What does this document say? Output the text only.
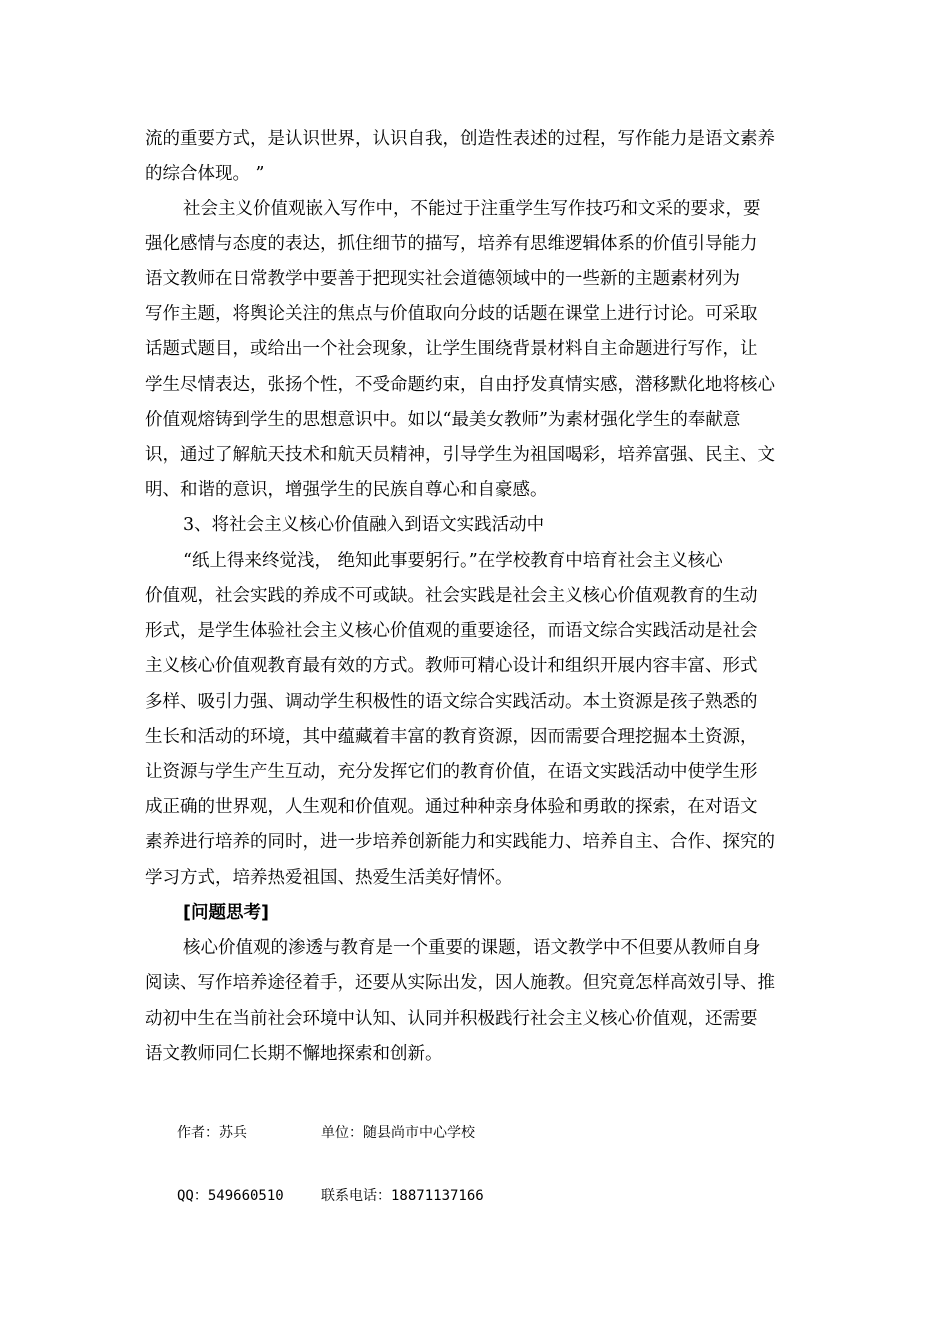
流的重要方式，是认识世界，认识自我，创造性表述的过程，写作能力是语文素养
的综合体现。 ”
社会主义价值观嵌入写作中，不能过于注重学生写作技巧和文采的要求，要
强化感情与态度的表达，抓住细节的描写，培养有思维逻辑体系的价值引导能力
语文教师在日常教学中要善于把现实社会道德领域中的一些新的主题素材列为
写作主题，将舆论关注的焦点与价值取向分歧的话题在课堂上进行讨论。可采取
话题式题目，或给出一个社会现象，让学生围绕背景材料自主命题进行写作，让
学生尽情表达，张扬个性，不受命题约束，自由抒发真情实感，潜移默化地将核心
价值观熔铸到学生的思想意识中。如以“最美女教师”为素材强化学生的奉献意
识，通过了解航天技术和航天员精神，引导学生为祖国喝彩，培养富强、民主、文
明、和谐的意识，增强学生的民族自尊心和自豪感。
3、将社会主义核心价值融入到语文实践活动中
“纸上得来终觉浅， 绝知此事要躬行。”在学校教育中培育社会主义核心
价值观，社会实践的养成不可或缺。社会实践是社会主义核心价值观教育的生动
形式，是学生体验社会主义核心价值观的重要途径，而语文综合实践活动是社会
主义核心价值观教育最有效的方式。教师可精心设计和组织开展内容丰富、形式
多样、吸引力强、调动学生积极性的语文综合实践活动。本土资源是孩子熟悉的
生长和活动的环境，其中蕴藏着丰富的教育资源，因而需要合理挖掘本土资源，
让资源与学生产生互动，充分发挥它们的教育价值，在语文实践活动中使学生形
成正确的世界观，人生观和价值观。通过种种亲身体验和勇敢的探索，在对语文
素养进行培养的同时，进一步培养创新能力和实践能力、培养自主、合作、探究的
学习方式，培养热爱祖国、热爱生活美好情怀。
[问题思考]
核心价值观的渗透与教育是一个重要的课题，语文教学中不但要从教师自身
阅读、写作培养途径着手，还要从实际出发，因人施教。但究竟怎样高效引导、推
动初中生在当前社会环境中认知、认同并积极践行社会主义核心价值观，还需要
语文教师同仁长期不懈地探索和创新。
作者：苏兵	单位：随县尚市中心学校
QQ：549660510	联系电话：18871137166
